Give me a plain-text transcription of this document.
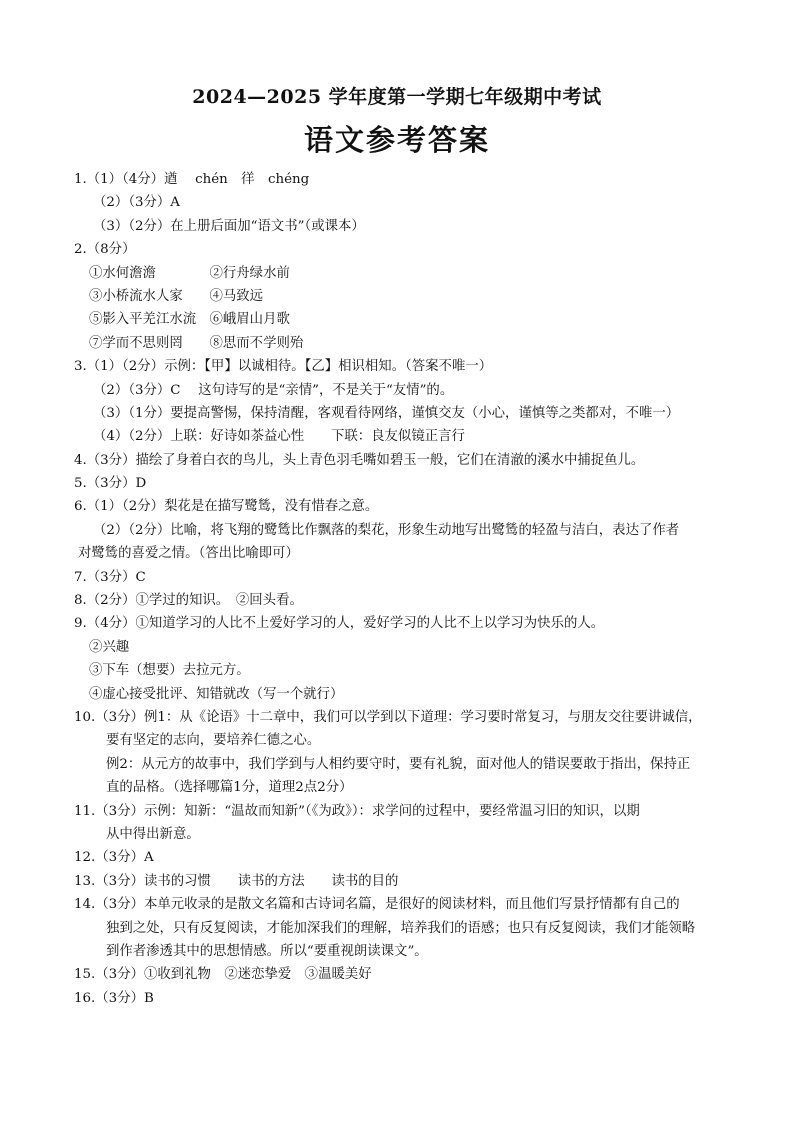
2024—2025 学年度第一学期七年级期中考试
语文参考答案
1.（1）（4分）遒　 chén　徉　chéng
（2）（3分）A
（3）（2分）在上册后面加“语文书”（或课本）
2.（8分）
①水何澹澹　　　　②行舟绿水前
③小桥流水人家　　④马致远
⑤影入平羌江水流　⑥峨眉山月歌
⑦学而不思则罔　　⑧思而不学则殆
3.（1）（2分）示例：【甲】以诚相待。【乙】相识相知。（答案不唯一）
（2）（3分）C　 这句诗写的是“亲情”，不是关于“友情”的。
（3）（1分）要提高警惕，保持清醒，客观看待网络，谨慎交友（小心，谨慎等之类都对，不唯一）
（4）（2分）上联：好诗如茶益心性　　下联：良友似镜正言行
4.（3分）描绘了身着白衣的鸟儿，头上青色羽毛嘴如碧玉一般，它们在清澈的溪水中捕捉鱼儿。
5.（3分）D
6.（1）（2分）梨花是在描写鹭鸶，没有惜春之意。
（2）（2分）比喻，将飞翔的鹭鸶比作飘落的梨花，形象生动地写出鹭鸶的轻盈与洁白，表达了作者
对鹭鸶的喜爱之情。（答出比喻即可）
7.（3分）C
8.（2分）①学过的知识。　②回头看。
9.（4分）①知道学习的人比不上爱好学习的人，爱好学习的人比不上以学习为快乐的人。
②兴趣
③下车（想要）去拉元方。
④虚心接受批评、知错就改（写一个就行）
10.（3分）例1：从《论语》十二章中，我们可以学到以下道理：学习要时常复习，与朋友交往要讲诚信，
要有坚定的志向，要培养仁德之心。
例2：从元方的故事中，我们学到与人相约要守时，要有礼貌，面对他人的错误要敢于指出，保持正
直的品格。（选择哪篇1分，道理2点2分）
11.（3分）示例：知新：“温故而知新”（《为政》）：求学问的过程中，要经常温习旧的知识，以期
从中得出新意。
12.（3分）A
13.（3分）读书的习惯　　读书的方法　　读书的目的
14.（3分）本单元收录的是散文名篇和古诗词名篇，是很好的阅读材料，而且他们写景抒情都有自己的
独到之处，只有反复阅读，才能加深我们的理解，培养我们的语感；也只有反复阅读，我们才能领略
到作者渗透其中的思想情感。所以“要重视朗读课文”。
15.（3分）①收到礼物　②迷恋挚爱　③温暖美好
16.（3分）B
